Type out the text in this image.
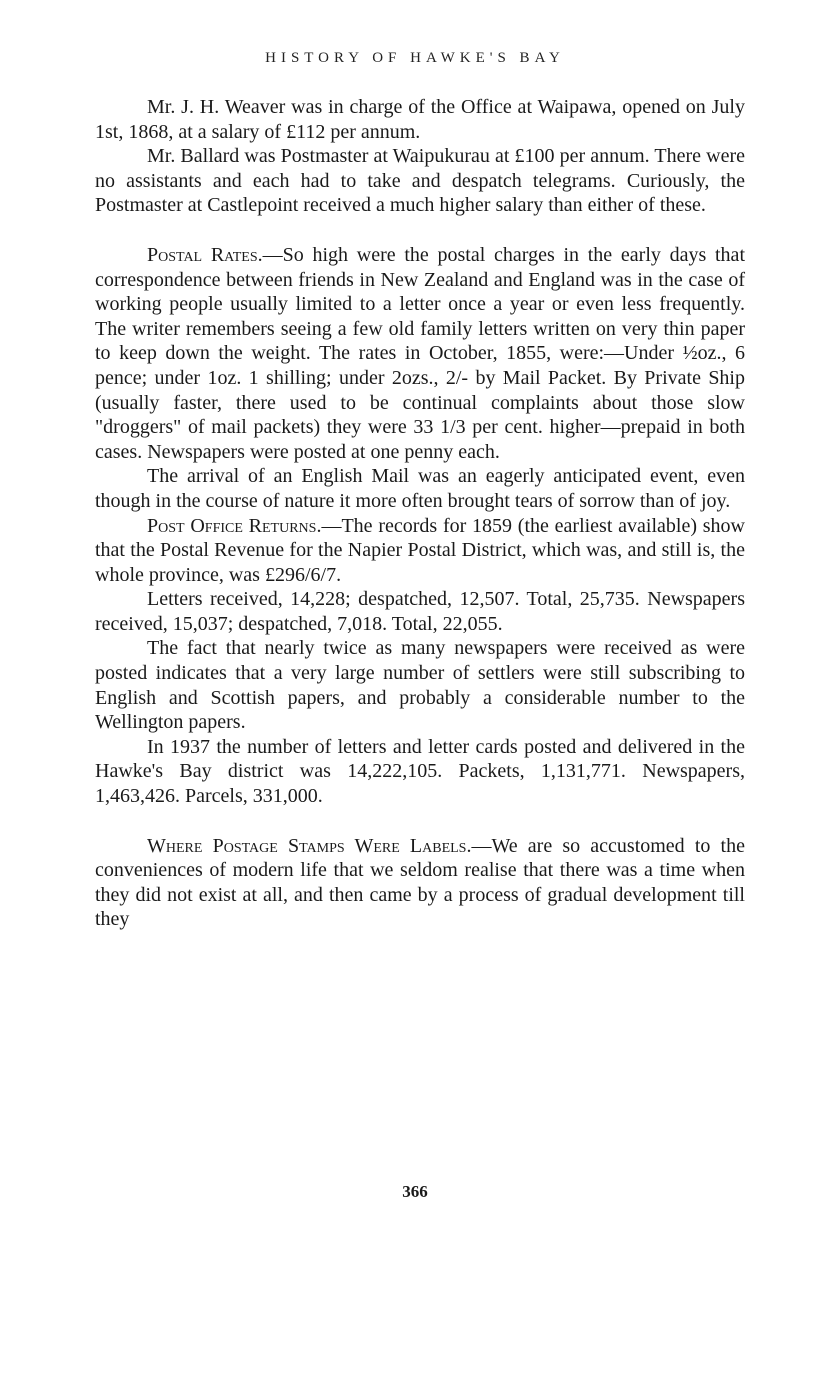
HISTORY OF HAWKE'S BAY

Mr. J. H. Weaver was in charge of the Office at Waipawa, opened on July 1st, 1868, at a salary of £112 per annum.

Mr. Ballard was Postmaster at Waipukurau at £100 per annum. There were no assistants and each had to take and despatch telegrams. Curiously, the Postmaster at Castlepoint received a much higher salary than either of these.

Postal Rates.—So high were the postal charges in the early days that correspondence between friends in New Zealand and England was in the case of working people usually limited to a letter once a year or even less frequently. The writer remembers seeing a few old family letters written on very thin paper to keep down the weight. The rates in October, 1855, were:—Under ½oz., 6 pence; under 1oz. 1 shilling; under 2ozs., 2/- by Mail Packet. By Private Ship (usually faster, there used to be continual complaints about those slow "droggers" of mail packets) they were 33 1/3 per cent. higher—prepaid in both cases. Newspapers were posted at one penny each.

The arrival of an English Mail was an eagerly anticipated event, even though in the course of nature it more often brought tears of sorrow than of joy.

Post Office Returns.—The records for 1859 (the earliest available) show that the Postal Revenue for the Napier Postal District, which was, and still is, the whole province, was £296/6/7.

Letters received, 14,228; despatched, 12,507. Total, 25,735. Newspapers received, 15,037; despatched, 7,018. Total, 22,055.

The fact that nearly twice as many newspapers were received as were posted indicates that a very large number of settlers were still subscribing to English and Scottish papers, and probably a considerable number to the Wellington papers.

In 1937 the number of letters and letter cards posted and delivered in the Hawke's Bay district was 14,222,105. Packets, 1,131,771. Newspapers, 1,463,426. Parcels, 331,000.

Where Postage Stamps Were Labels.—We are so accustomed to the conveniences of modern life that we seldom realise that there was a time when they did not exist at all, and then came by a process of gradual development till they

366
